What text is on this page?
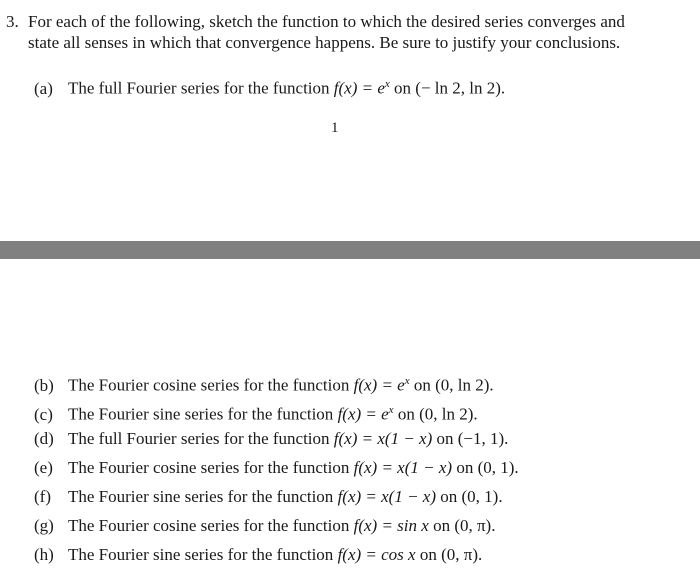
3. For each of the following, sketch the function to which the desired series converges and
state all senses in which that convergence happens. Be sure to justify your conclusions.
(a) The full Fourier series for the function $f(x) = e^x$ on (− ln 2, ln 2).
1
(b) The Fourier cosine series for the function $f(x) = e^x$ on (0, ln 2).
(c) The Fourier sine series for the function $f(x) = e^x$ on (0, ln 2).
(d) The full Fourier series for the function f(x) = x(1 − x) on (−1, 1).
(e) The Fourier cosine series for the function f(x) = x(1 − x) on (0, 1).
(f) The Fourier sine series for the function f(x) = x(1 − x) on (0, 1).
(g) The Fourier cosine series for the function f(x) = sin x on (0, π).
(h) The Fourier sine series for the function f(x) = cos x on (0, π).
